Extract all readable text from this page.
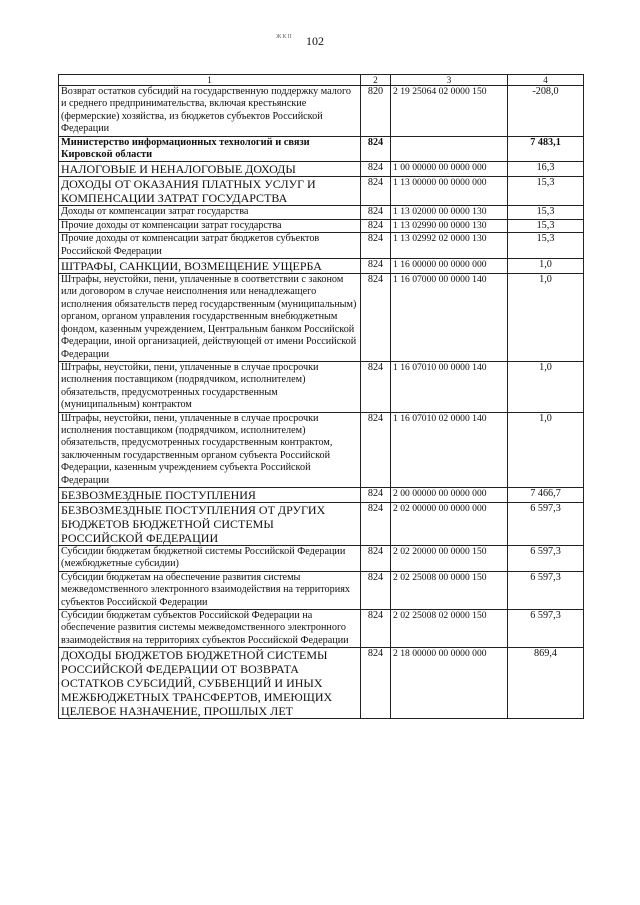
ЖКП 102
1	2	3	4
Возврат остатков субсидий на государственную поддержку малого и среднего предпринимательства, включая крестьянские (фермерские) хозяйства, из бюджетов субъектов Российской Федерации	820	2 19 25064 02 0000 150	-208,0
Министерство информационных технологий и связи Кировской области	824		7 483,1
НАЛОГОВЫЕ И НЕНАЛОГОВЫЕ ДОХОДЫ	824	1 00 00000 00 0000 000	16,3
ДОХОДЫ ОТ ОКАЗАНИЯ ПЛАТНЫХ УСЛУГ И КОМПЕНСАЦИИ ЗАТРАТ ГОСУДАРСТВА	824	1 13 00000 00 0000 000	15,3
Доходы от компенсации затрат государства	824	1 13 02000 00 0000 130	15,3
Прочие доходы от компенсации затрат государства	824	1 13 02990 00 0000 130	15,3
Прочие доходы от компенсации затрат бюджетов субъектов Российской Федерации	824	1 13 02992 02 0000 130	15,3
ШТРАФЫ, САНКЦИИ, ВОЗМЕЩЕНИЕ УЩЕРБА	824	1 16 00000 00 0000 000	1,0
Штрафы, неустойки, пени, уплаченные в соответствии с законом или договором в случае неисполнения или ненадлежащего исполнения обязательств перед государственным (муниципальным) органом, органом управления государственным внебюджетным фондом, казенным учреждением, Центральным банком Российской Федерации, иной организацией, действующей от имени Российской Федерации	824	1 16 07000 00 0000 140	1,0
Штрафы, неустойки, пени, уплаченные в случае просрочки исполнения поставщиком (подрядчиком, исполнителем) обязательств, предусмотренных государственным (муниципальным) контрактом	824	1 16 07010 00 0000 140	1,0
Штрафы, неустойки, пени, уплаченные в случае просрочки исполнения поставщиком (подрядчиком, исполнителем) обязательств, предусмотренных государственным контрактом, заключенным государственным органом субъекта Российской Федерации, казенным учреждением субъекта Российской Федерации	824	1 16 07010 02 0000 140	1,0
БЕЗВОЗМЕЗДНЫЕ ПОСТУПЛЕНИЯ	824	2 00 00000 00 0000 000	7 466,7
БЕЗВОЗМЕЗДНЫЕ ПОСТУПЛЕНИЯ ОТ ДРУГИХ БЮДЖЕТОВ БЮДЖЕТНОЙ СИСТЕМЫ РОССИЙСКОЙ ФЕДЕРАЦИИ	824	2 02 00000 00 0000 000	6 597,3
Субсидии бюджетам бюджетной системы Российской Федерации (межбюджетные субсидии)	824	2 02 20000 00 0000 150	6 597,3
Субсидии бюджетам на обеспечение развития системы межведомственного электронного взаимодействия на территориях субъектов Российской Федерации	824	2 02 25008 00 0000 150	6 597,3
Субсидии бюджетам субъектов Российской Федерации на обеспечение развития системы межведомственного электронного взаимодействия на территориях субъектов Российской Федерации	824	2 02 25008 02 0000 150	6 597,3
ДОХОДЫ БЮДЖЕТОВ БЮДЖЕТНОЙ СИСТЕМЫ РОССИЙСКОЙ ФЕДЕРАЦИИ ОТ ВОЗВРАТА ОСТАТКОВ СУБСИДИЙ, СУБВЕНЦИЙ И ИНЫХ МЕЖБЮДЖЕТНЫХ ТРАНСФЕРТОВ, ИМЕЮЩИХ ЦЕЛЕВОЕ НАЗНАЧЕНИЕ, ПРОШЛЫХ ЛЕТ	824	2 18 00000 00 0000 000	869,4
